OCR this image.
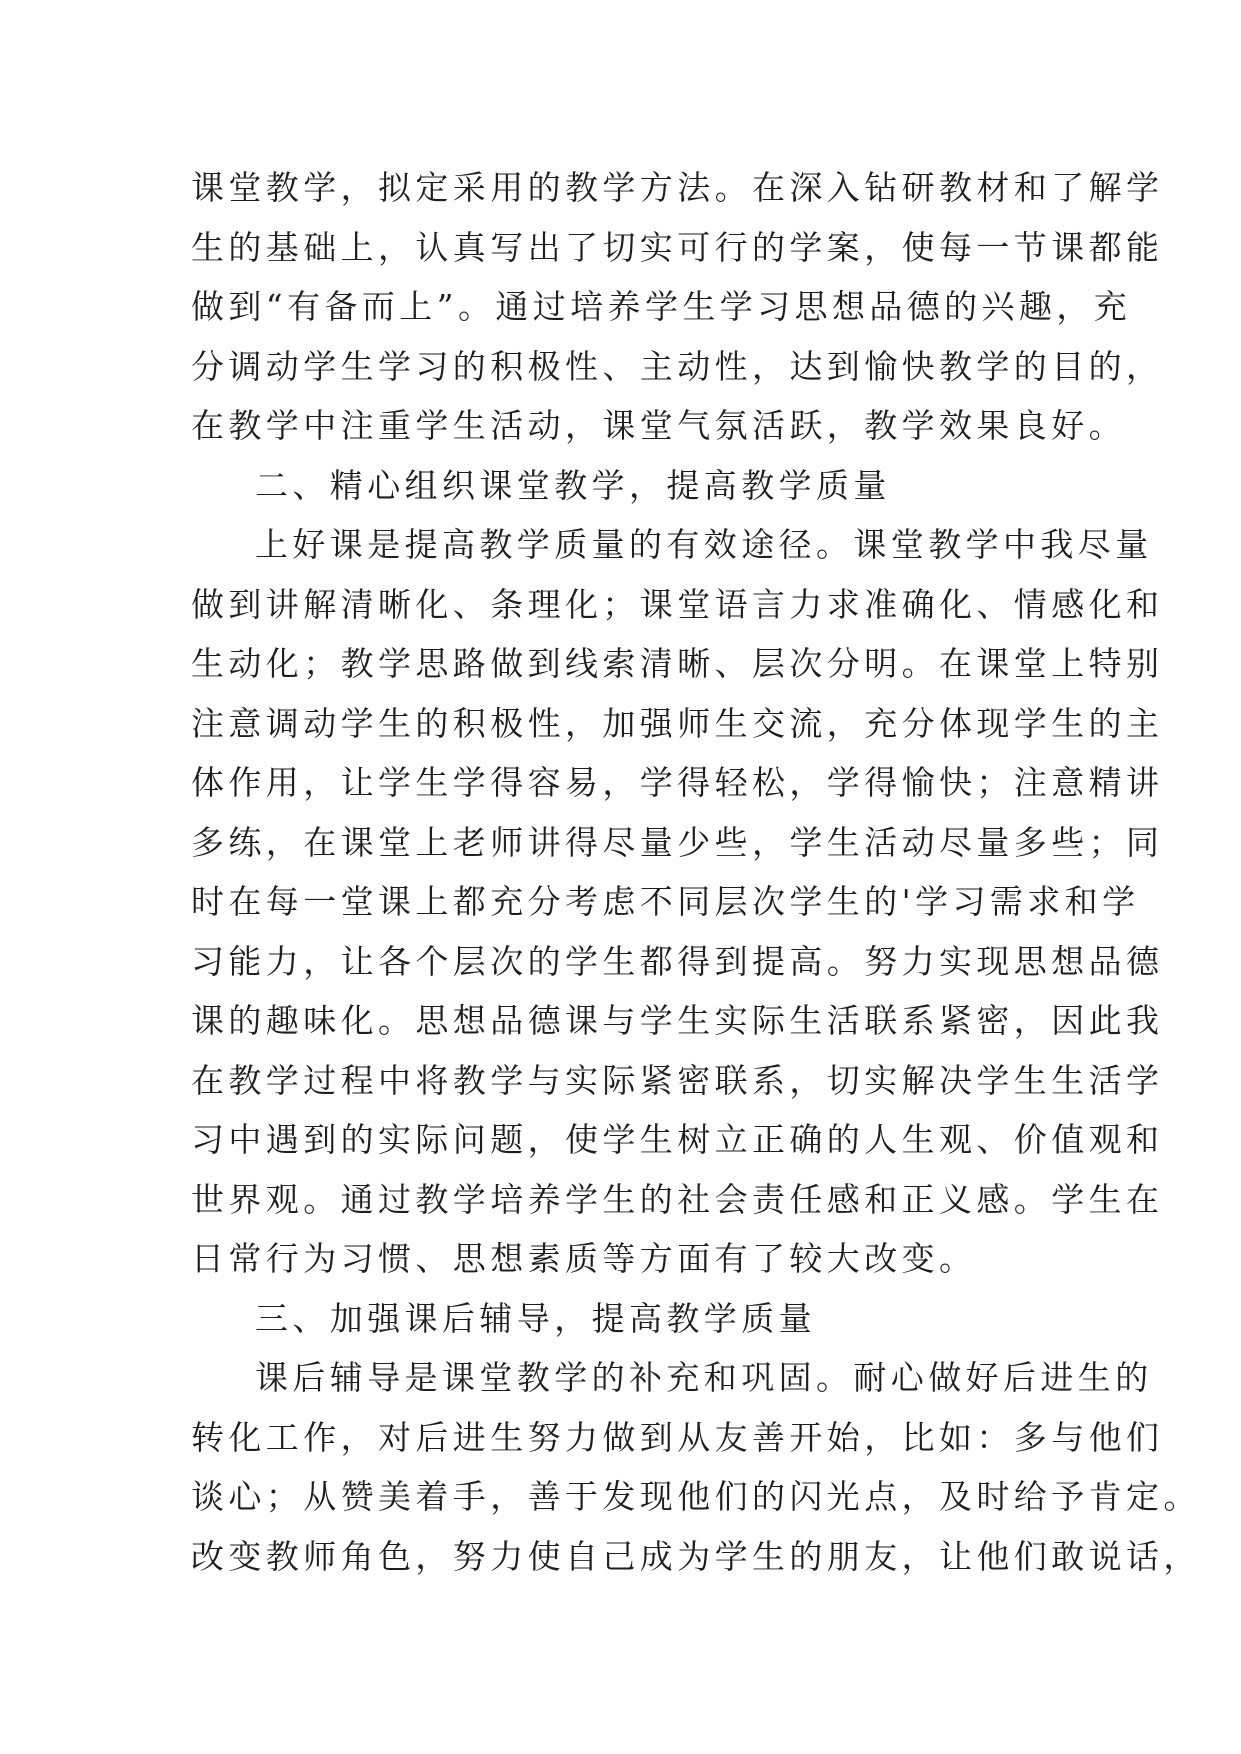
课堂教学，拟定采用的教学方法。在深入钻研教材和了解学
生的基础上，认真写出了切实可行的学案，使每一节课都能
做到“有备而上”。通过培养学生学习思想品德的兴趣，充
分调动学生学习的积极性、主动性，达到愉快教学的目的，
在教学中注重学生活动，课堂气氛活跃，教学效果良好。
二、精心组织课堂教学，提高教学质量
上好课是提高教学质量的有效途径。课堂教学中我尽量
做到讲解清晰化、条理化；课堂语言力求准确化、情感化和
生动化；教学思路做到线索清晰、层次分明。在课堂上特别
注意调动学生的积极性，加强师生交流，充分体现学生的主
体作用，让学生学得容易，学得轻松，学得愉快；注意精讲
多练，在课堂上老师讲得尽量少些，学生活动尽量多些；同
时在每一堂课上都充分考虑不同层次学生的'学习需求和学
习能力，让各个层次的学生都得到提高。努力实现思想品德
课的趣味化。思想品德课与学生实际生活联系紧密，因此我
在教学过程中将教学与实际紧密联系，切实解决学生生活学
习中遇到的实际问题，使学生树立正确的人生观、价值观和
世界观。通过教学培养学生的社会责任感和正义感。学生在
日常行为习惯、思想素质等方面有了较大改变。
三、加强课后辅导，提高教学质量
课后辅导是课堂教学的补充和巩固。耐心做好后进生的
转化工作，对后进生努力做到从友善开始，比如：多与他们
谈心；从赞美着手，善于发现他们的闪光点，及时给予肯定。
改变教师角色，努力使自己成为学生的朋友，让他们敢说话，
